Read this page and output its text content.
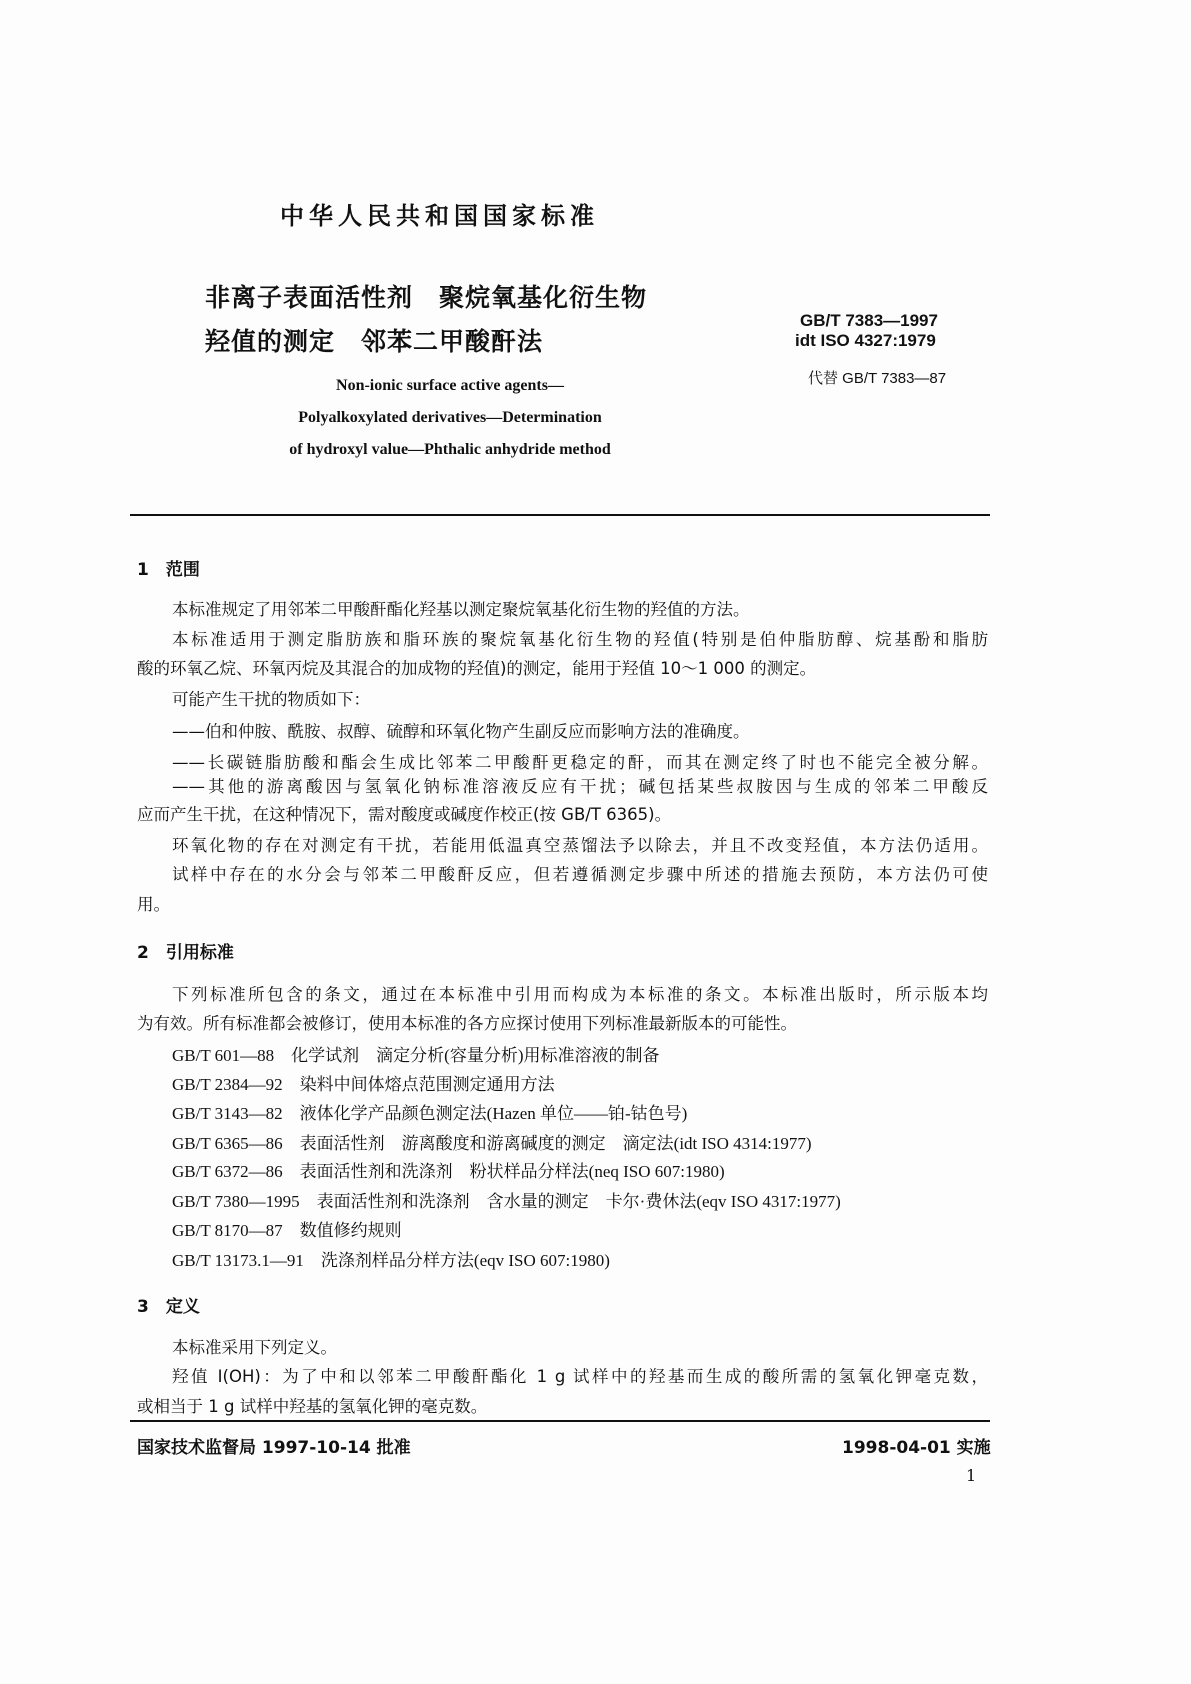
中华人民共和国国家标准
非离子表面活性剂　聚烷氧基化衍生物
羟值的测定　邻苯二甲酸酐法
GB/T 7383—1997
idt ISO 4327:1979
代替 GB/T 7383—87
Non-ionic surface active agents—
Polyalkoxylated derivatives—Determination
of hydroxyl value—Phthalic anhydride method
1　范围
本标准规定了用邻苯二甲酸酐酯化羟基以测定聚烷氧基化衍生物的羟值的方法。
本标准适用于测定脂肪族和脂环族的聚烷氧基化衍生物的羟值(特别是伯仲脂肪醇、烷基酚和脂肪
酸的环氧乙烷、环氧丙烷及其混合的加成物的羟值)的测定，能用于羟值 10～1 000 的测定。
可能产生干扰的物质如下：
——伯和仲胺、酰胺、叔醇、硫醇和环氧化物产生副反应而影响方法的准确度。
——长碳链脂肪酸和酯会生成比邻苯二甲酸酐更稳定的酐，而其在测定终了时也不能完全被分解。
——其他的游离酸因与氢氧化钠标准溶液反应有干扰；碱包括某些叔胺因与生成的邻苯二甲酸反
应而产生干扰，在这种情况下，需对酸度或碱度作校正(按 GB/T 6365)。
环氧化物的存在对测定有干扰，若能用低温真空蒸馏法予以除去，并且不改变羟值，本方法仍适用。
试样中存在的水分会与邻苯二甲酸酐反应，但若遵循测定步骤中所述的措施去预防，本方法仍可使
用。
2　引用标准
下列标准所包含的条文，通过在本标准中引用而构成为本标准的条文。本标准出版时，所示版本均
为有效。所有标准都会被修订，使用本标准的各方应探讨使用下列标准最新版本的可能性。
GB/T 601—88　化学试剂　滴定分析(容量分析)用标准溶液的制备
GB/T 2384—92　染料中间体熔点范围测定通用方法
GB/T 3143—82　液体化学产品颜色测定法(Hazen 单位——铂-钴色号)
GB/T 6365—86　表面活性剂　游离酸度和游离碱度的测定　滴定法(idt ISO 4314:1977)
GB/T 6372—86　表面活性剂和洗涤剂　粉状样品分样法(neq ISO 607:1980)
GB/T 7380—1995　表面活性剂和洗涤剂　含水量的测定　卡尔·费休法(eqv ISO 4317:1977)
GB/T 8170—87　数值修约规则
GB/T 13173.1—91　洗涤剂样品分样方法(eqv ISO 607:1980)
3　定义
本标准采用下列定义。
羟值 I(OH)：为了中和以邻苯二甲酸酐酯化 1 g 试样中的羟基而生成的酸所需的氢氧化钾毫克数，
或相当于 1 g 试样中羟基的氢氧化钾的毫克数。
国家技术监督局 1997-10-14 批准	1998-04-01 实施
1
